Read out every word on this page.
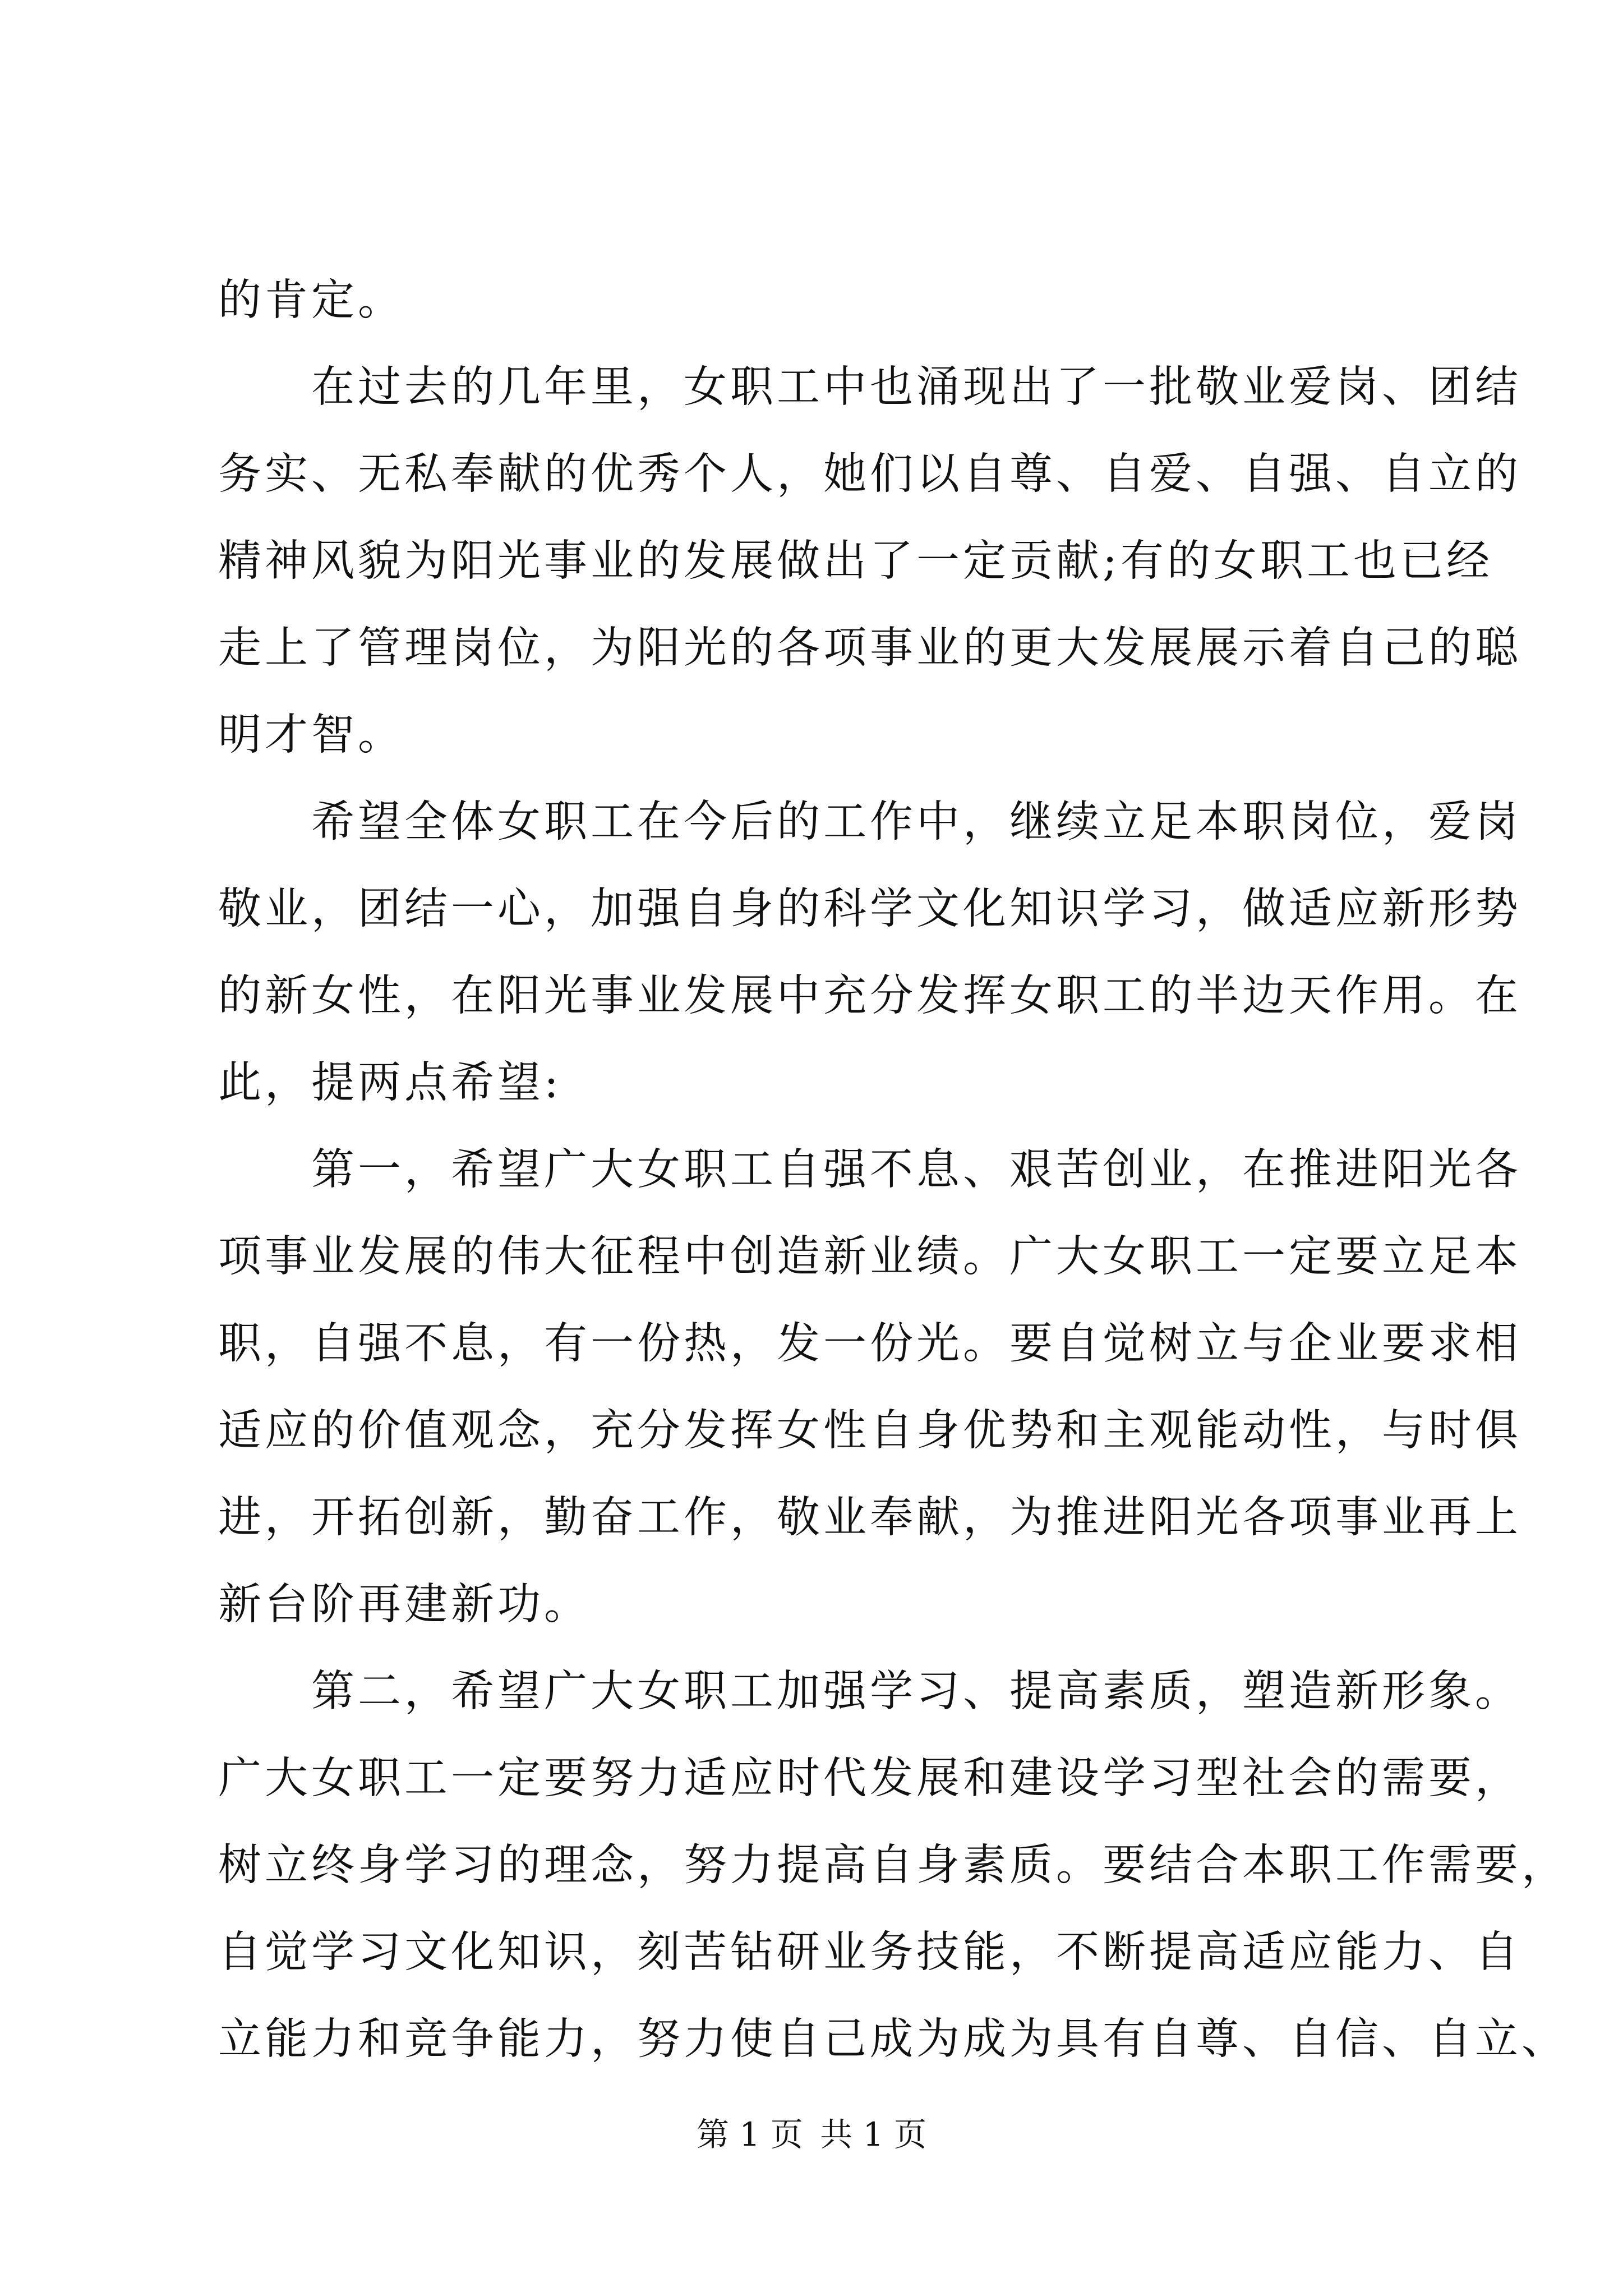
的肯定。
在过去的几年里，女职工中也涌现出了一批敬业爱岗、团结
务实、无私奉献的优秀个人，她们以自尊、自爱、自强、自立的
精神风貌为阳光事业的发展做出了一定贡献;有的女职工也已经
走上了管理岗位，为阳光的各项事业的更大发展展示着自己的聪
明才智。
希望全体女职工在今后的工作中，继续立足本职岗位，爱岗
敬业，团结一心，加强自身的科学文化知识学习，做适应新形势
的新女性，在阳光事业发展中充分发挥女职工的半边天作用。在
此，提两点希望:
第一，希望广大女职工自强不息、艰苦创业，在推进阳光各
项事业发展的伟大征程中创造新业绩。广大女职工一定要立足本
职，自强不息，有一份热，发一份光。要自觉树立与企业要求相
适应的价值观念，充分发挥女性自身优势和主观能动性，与时俱
进，开拓创新，勤奋工作，敬业奉献，为推进阳光各项事业再上
新台阶再建新功。
第二，希望广大女职工加强学习、提高素质，塑造新形象。
广大女职工一定要努力适应时代发展和建设学习型社会的需要，
树立终身学习的理念，努力提高自身素质。要结合本职工作需要，
自觉学习文化知识，刻苦钻研业务技能，不断提高适应能力、自
立能力和竞争能力，努力使自己成为成为具有自尊、自信、自立、
第 1 页 共 1 页
